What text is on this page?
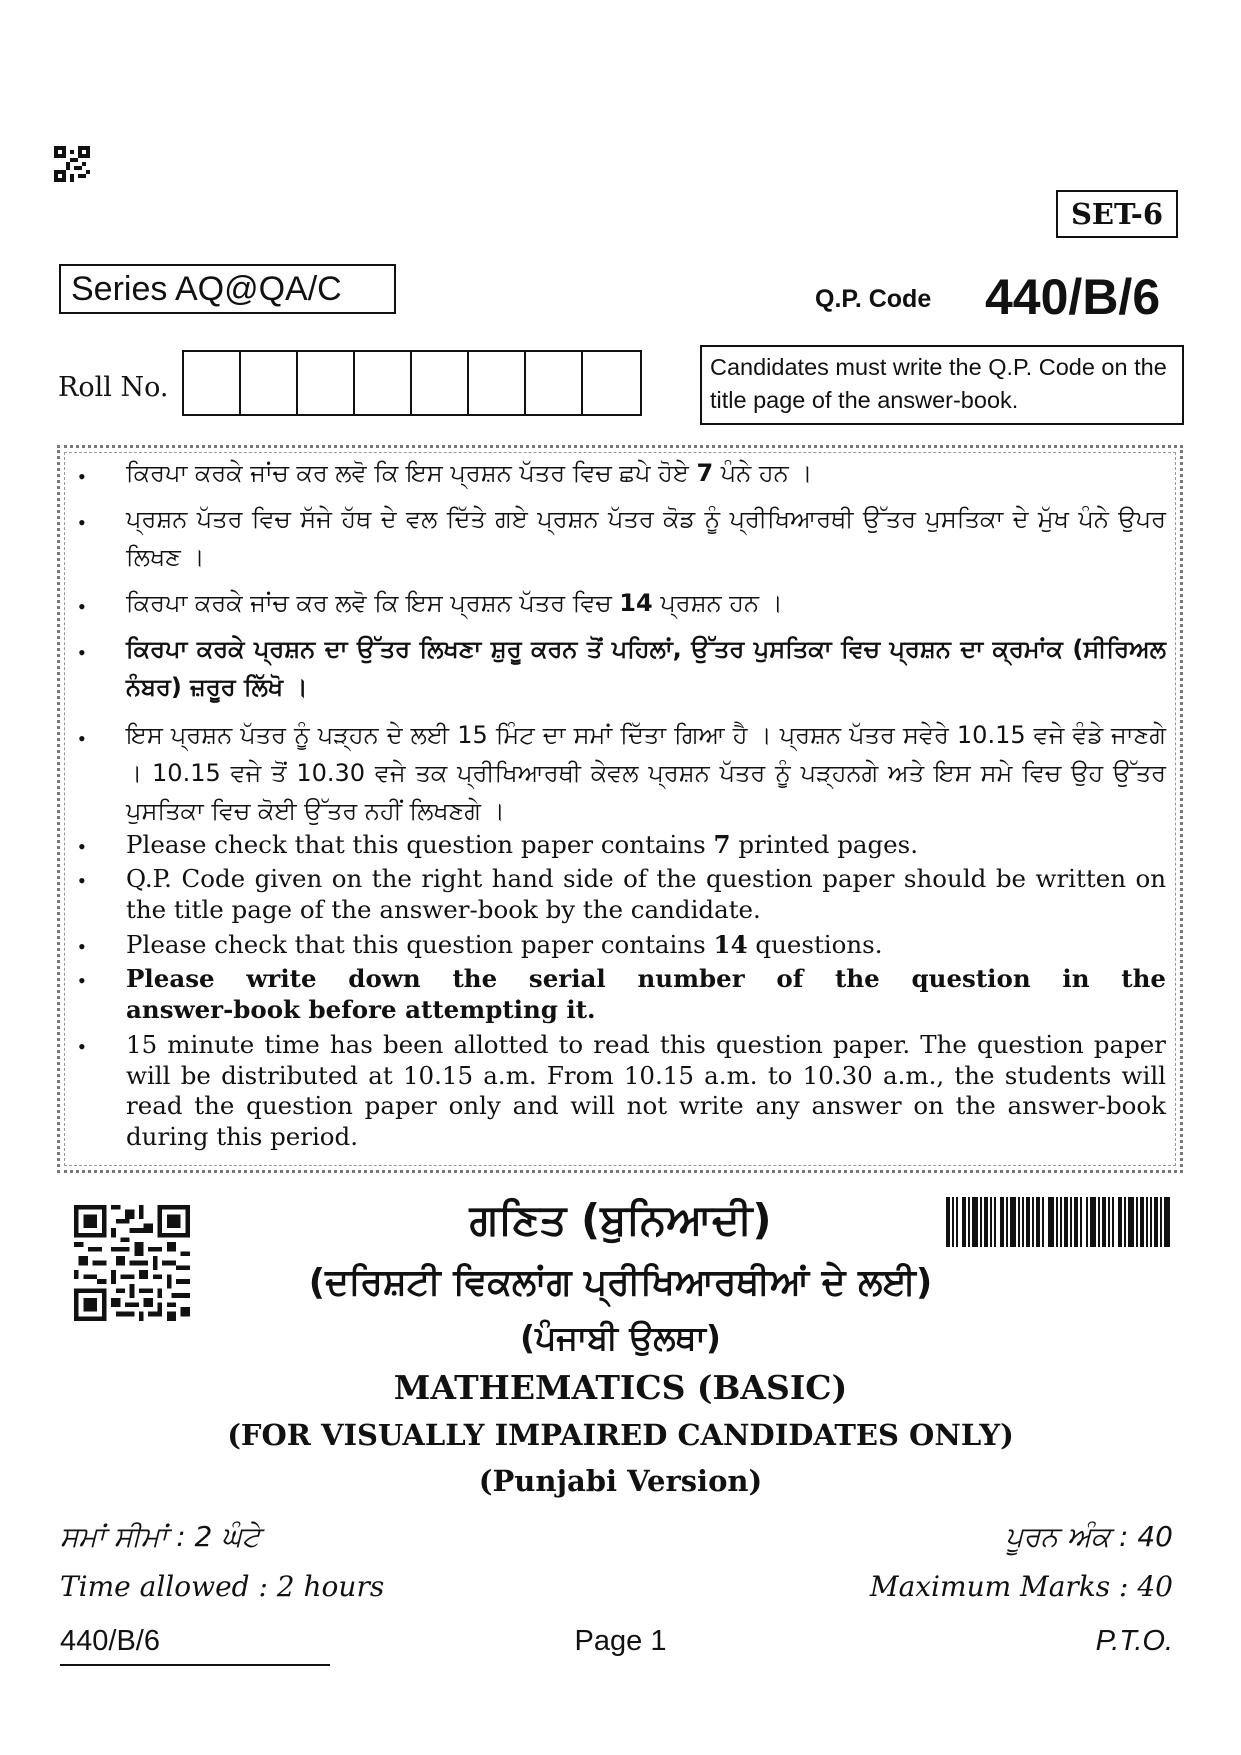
SET-6
Series AQ@QA/C	Q.P. Code 440/B/6
Roll No.
Candidates must write the Q.P. Code on the title page of the answer-book.
•	ਕਿਰਪਾ ਕਰਕੇ ਜਾਂਚ ਕਰ ਲਵੋ ਕਿ ਇਸ ਪ੍ਰਸ਼ਨ ਪੱਤਰ ਵਿਚ ਛਪੇ ਹੋਏ 7 ਪੰਨੇ ਹਨ ।
•	ਪ੍ਰਸ਼ਨ ਪੱਤਰ ਵਿਚ ਸੱਜੇ ਹੱਥ ਦੇ ਵਲ ਦਿੱਤੇ ਗਏ ਪ੍ਰਸ਼ਨ ਪੱਤਰ ਕੋਡ ਨੂੰ ਪ੍ਰੀਖਿਆਰਥੀ ਉੱਤਰ ਪੁਸਤਿਕਾ ਦੇ ਮੁੱਖ ਪੰਨੇ ਉਪਰ ਲਿਖਣ ।
•	ਕਿਰਪਾ ਕਰਕੇ ਜਾਂਚ ਕਰ ਲਵੋ ਕਿ ਇਸ ਪ੍ਰਸ਼ਨ ਪੱਤਰ ਵਿਚ 14 ਪ੍ਰਸ਼ਨ ਹਨ ।
•	ਕਿਰਪਾ ਕਰਕੇ ਪ੍ਰਸ਼ਨ ਦਾ ਉੱਤਰ ਲਿਖਣਾ ਸ਼ੁਰੂ ਕਰਨ ਤੋਂ ਪਹਿਲਾਂ, ਉੱਤਰ ਪੁਸਤਿਕਾ ਵਿਚ ਪ੍ਰਸ਼ਨ ਦਾ ਕ੍ਰਮਾਂਕ (ਸੀਰਿਅਲ ਨੰਬਰ) ਜ਼ਰੂਰ ਲਿੱਖੋ ।
•	ਇਸ ਪ੍ਰਸ਼ਨ ਪੱਤਰ ਨੂੰ ਪੜ੍ਹਨ ਦੇ ਲਈ 15 ਮਿੰਟ ਦਾ ਸਮਾਂ ਦਿੱਤਾ ਗਿਆ ਹੈ । ਪ੍ਰਸ਼ਨ ਪੱਤਰ ਸਵੇਰੇ 10.15 ਵਜੇ ਵੰਡੇ ਜਾਣਗੇ । 10.15 ਵਜੇ ਤੋਂ 10.30 ਵਜੇ ਤਕ ਪ੍ਰੀਖਿਆਰਥੀ ਕੇਵਲ ਪ੍ਰਸ਼ਨ ਪੱਤਰ ਨੂੰ ਪੜ੍ਹਨਗੇ ਅਤੇ ਇਸ ਸਮੇ ਵਿਚ ਉਹ ਉੱਤਰ ਪੁਸਤਿਕਾ ਵਿਚ ਕੋਈ ਉੱਤਰ ਨਹੀਂ ਲਿਖਣਗੇ ।
•	Please check that this question paper contains 7 printed pages.
•	Q.P. Code given on the right hand side of the question paper should be written on the title page of the answer-book by the candidate.
•	Please check that this question paper contains 14 questions.
•	Please write down the serial number of the question in the
answer-book before attempting it.
•	15 minute time has been allotted to read this question paper. The question paper will be distributed at 10.15 a.m. From 10.15 a.m. to 10.30 a.m., the students will read the question paper only and will not write any answer on the answer-book during this period.
ਗਣਿਤ (ਬੁਨਿਆਦੀ)
(ਦਰਿਸ਼ਟੀ ਵਿਕਲਾਂਗ ਪ੍ਰੀਖਿਆਰਥੀਆਂ ਦੇ ਲਈ)
(ਪੰਜਾਬੀ ਉਲਥਾ)
MATHEMATICS (BASIC)
(FOR VISUALLY IMPAIRED CANDIDATES ONLY)
(Punjabi Version)
ਸਮਾਂ ਸੀਮਾਂ : 2 ਘੰਟੇ	ਪੂਰਨ ਅੰਕ : 40
Time allowed : 2 hours	Maximum Marks : 40
440/B/6	Page 1	P.T.O.
